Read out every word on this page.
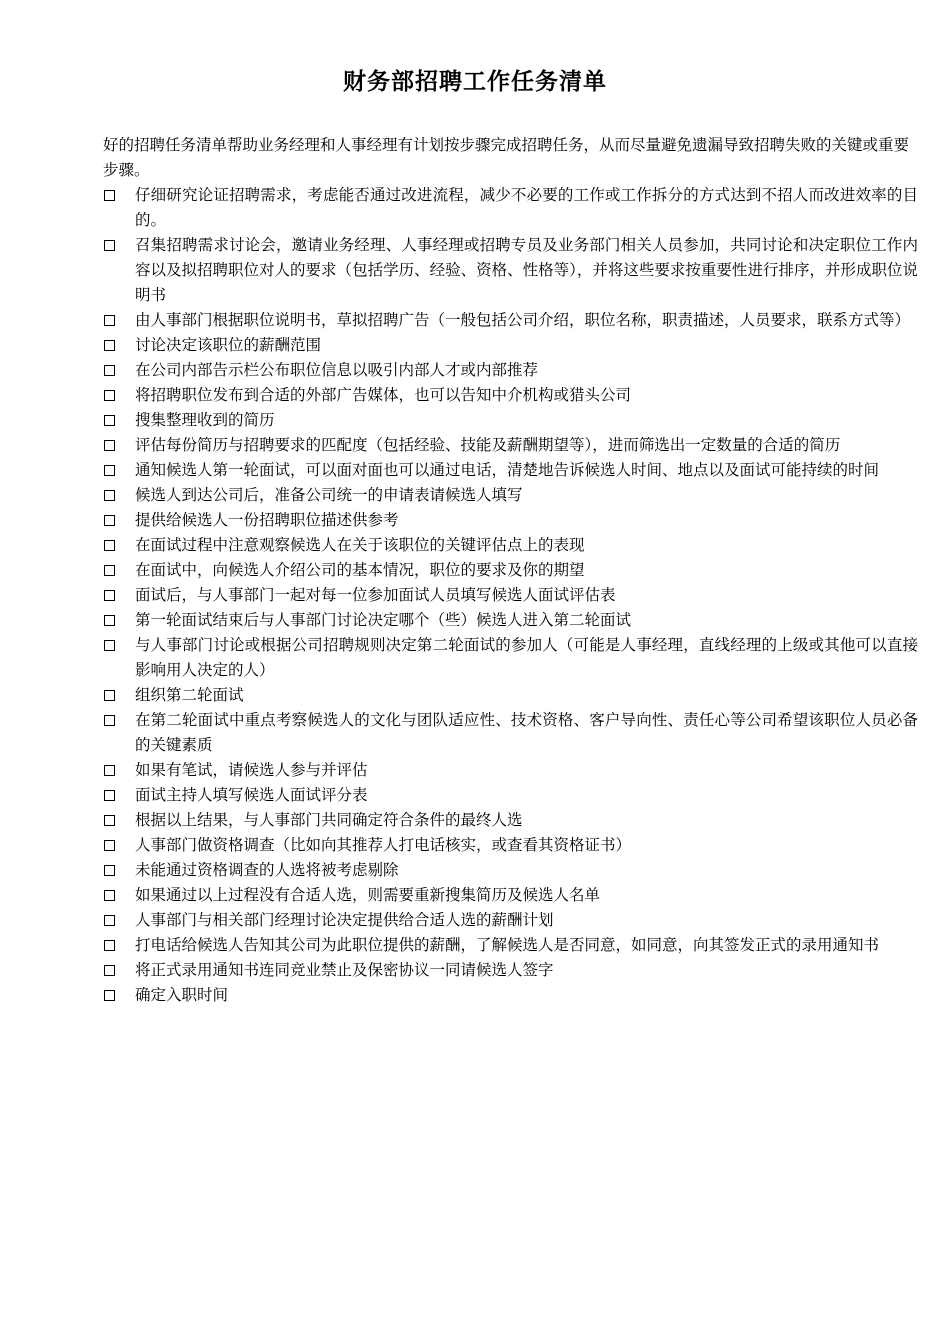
财务部招聘工作任务清单

好的招聘任务清单帮助业务经理和人事经理有计划按步骤完成招聘任务，从而尽量避免遗漏导致招聘失败的关键或重要步骤。

仔细研究论证招聘需求，考虑能否通过改进流程，减少不必要的工作或工作拆分的方式达到不招人而改进效率的目的。
召集招聘需求讨论会，邀请业务经理、人事经理或招聘专员及业务部门相关人员参加，共同讨论和决定职位工作内容以及拟招聘职位对人的要求（包括学历、经验、资格、性格等），并将这些要求按重要性进行排序，并形成职位说明书
由人事部门根据职位说明书，草拟招聘广告（一般包括公司介绍，职位名称，职责描述，人员要求，联系方式等）
讨论决定该职位的薪酬范围
在公司内部告示栏公布职位信息以吸引内部人才或内部推荐
将招聘职位发布到合适的外部广告媒体，也可以告知中介机构或猎头公司
搜集整理收到的简历
评估每份简历与招聘要求的匹配度（包括经验、技能及薪酬期望等），进而筛选出一定数量的合适的简历
通知候选人第一轮面试，可以面对面也可以通过电话，清楚地告诉候选人时间、地点以及面试可能持续的时间
候选人到达公司后，准备公司统一的申请表请候选人填写
提供给候选人一份招聘职位描述供参考
在面试过程中注意观察候选人在关于该职位的关键评估点上的表现
在面试中，向候选人介绍公司的基本情况，职位的要求及你的期望
面试后，与人事部门一起对每一位参加面试人员填写候选人面试评估表
第一轮面试结束后与人事部门讨论决定哪个（些）候选人进入第二轮面试
与人事部门讨论或根据公司招聘规则决定第二轮面试的参加人（可能是人事经理，直线经理的上级或其他可以直接影响用人决定的人）
组织第二轮面试
在第二轮面试中重点考察候选人的文化与团队适应性、技术资格、客户导向性、责任心等公司希望该职位人员必备的关键素质
如果有笔试，请候选人参与并评估
面试主持人填写候选人面试评分表
根据以上结果，与人事部门共同确定符合条件的最终人选
人事部门做资格调查（比如向其推荐人打电话核实，或查看其资格证书）
未能通过资格调查的人选将被考虑剔除
如果通过以上过程没有合适人选，则需要重新搜集简历及候选人名单
人事部门与相关部门经理讨论决定提供给合适人选的薪酬计划
打电话给候选人告知其公司为此职位提供的薪酬，了解候选人是否同意，如同意，向其签发正式的录用通知书
将正式录用通知书连同竞业禁止及保密协议一同请候选人签字
确定入职时间
